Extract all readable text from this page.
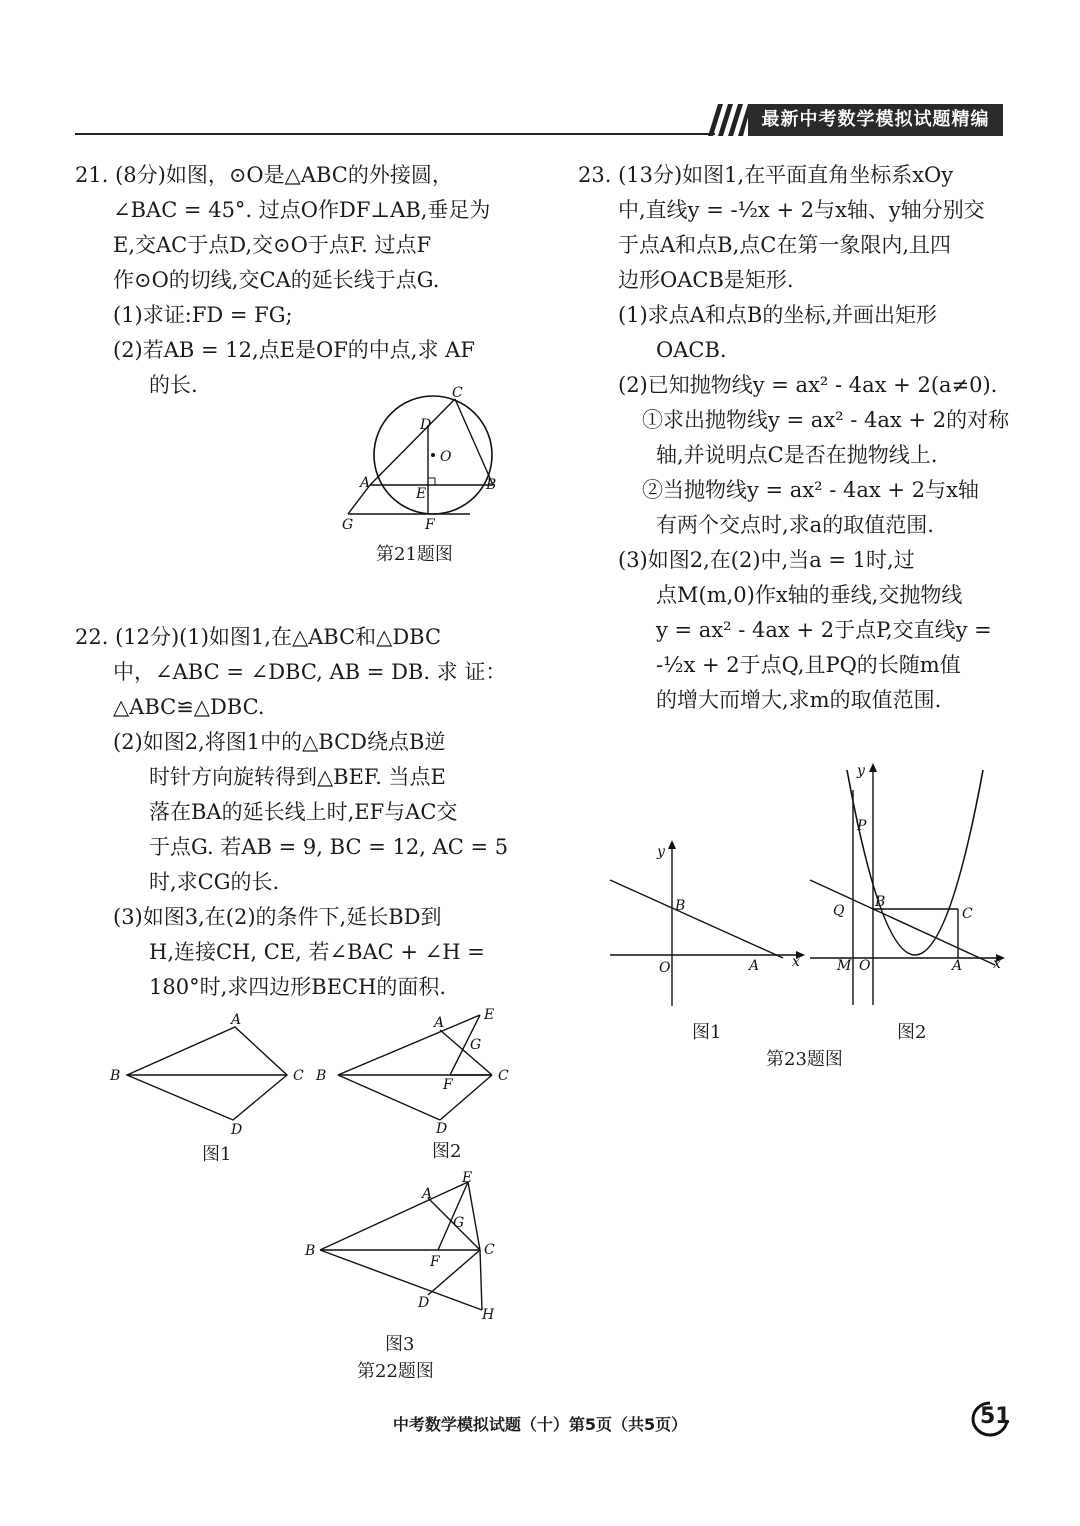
最新中考数学模拟试题精编

21. (8分)如图，⊙O是△ABC的外接圆，

∠BAC = 45°. 过点O作DF⊥AB,垂足为

E,交AC于点D,交⊙O于点F. 过点F

作⊙O的切线,交CA的延长线于点G.

(1)求证:FD = FG;

(2)若AB = 12,点E是OF的中点,求 AF

的长.	C
D
O
A
E
B
G	F
第21题图

22. (12分)(1)如图1,在△ABC和△DBC

中，∠ABC = ∠DBC, AB = DB. 求 证：

△ABC≌△DBC.

(2)如图2,将图1中的△BCD绕点B逆

时针方向旋转得到△BEF. 当点E

落在BA的延长线上时,EF与AC交

于点G. 若AB = 9, BC = 12, AC = 5

时,求CG的长.

(3)如图3,在(2)的条件下,延长BD到

H,连接CH, CE, 若∠BAC + ∠H =

180°时,求四边形BECH的面积.

A
B	C
D
图1
A	E
G
B	C
F
D
图2
A
E
G
B	C
F
D
H
图3
第22题图

23. (13分)如图1,在平面直角坐标系xOy

中,直线y = -½x + 2与x轴、y轴分别交

于点A和点B,点C在第一象限内,且四

边形OACB是矩形.

(1)求点A和点B的坐标,并画出矩形

OACB.

(2)已知抛物线y = ax² - 4ax + 2(a≠0).

①求出抛物线y = ax² - 4ax + 2的对称

轴,并说明点C是否在抛物线上.

②当抛物线y = ax² - 4ax + 2与x轴

有两个交点时,求a的取值范围.

(3)如图2,在(2)中,当a = 1时,过

点M(m,0)作x轴的垂线,交抛物线

y = ax² - 4ax + 2于点P,交直线y =

-½x + 2于点Q,且PQ的长随m值

的增大而增大,求m的取值范围.

y
B
O	A x
图1
y
P
Q
B
C
M O	A x
图2
第23题图
中考数学模拟试题（十）第5页（共5页）	51
